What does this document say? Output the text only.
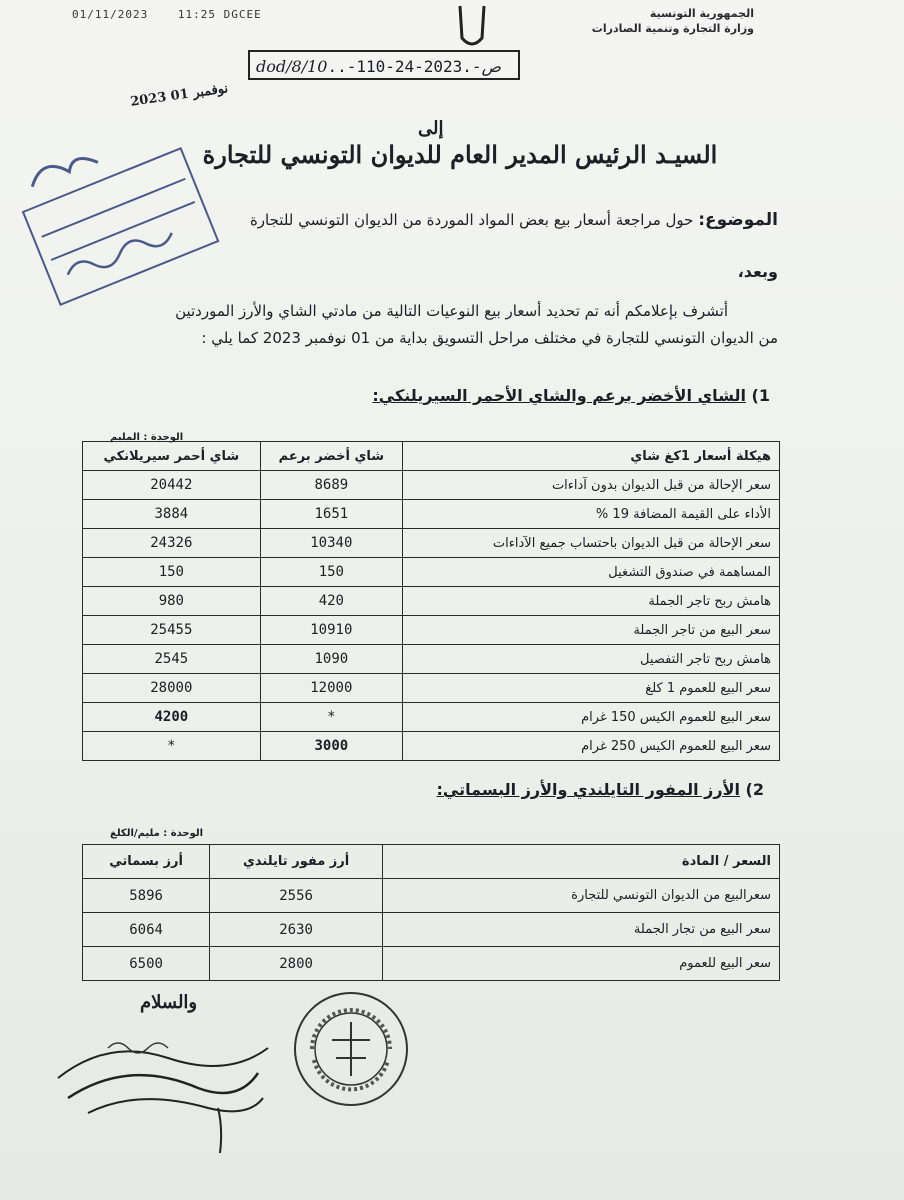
01/11/2023	11:25 DGCEE	الجمهورية التونسية
وزارة التجارة وتنمية الصادرات
dod/8/10..-110-24-2023.-ص
2023 نوفمبر 01
إلى
السيـد الرئيس المدير العام للديوان التونسي للتجارة
الموضوع: حول مراجعة أسعار بيع بعض المواد الموردة من الديوان التونسي للتجارة
وبعد،
أتشرف بإعلامكم أنه تم تحديد أسعار بيع النوعيات التالية من مادتي الشاي والأرز الموردتين
من الديوان التونسي للتجارة في مختلف مراحل التسويق بداية من 01 نوفمبر 2023 كما يلي :
1) الشاي الأخضر برعم والشاي الأحمر السيريلنكي:
الوحدة : المليم
هيكلة أسعار 1كغ شاي	شاي أخضر برعم	شاي أحمر سيريلانكي
سعر الإحالة من قبل الديوان بدون آداءات	8689	20442
الأداء على القيمة المضافة 19 %	1651	3884
سعر الإحالة من قبل الديوان باحتساب جميع الآداءات	10340	24326
المساهمة في صندوق التشغيل	150	150
هامش ربح تاجر الجملة	420	980
سعر البيع من تاجر الجملة	10910	25455
هامش ربح تاجر التفصيل	1090	2545
سعر البيع للعموم 1 كلغ	12000	28000
سعر البيع للعموم الكيس 150 غرام	*	4200
سعر البيع للعموم الكيس 250 غرام	3000	*
2) الأرز المفور التايلندي والأرز البسماتي:
الوحدة : مليم/الكلغ
السعر / المادة	أرز مفور تايلندي	أرز بسماتي
سعرالبيع من الديوان التونسي للتجارة	2556	5896
سعر البيع من تجار الجملة	2630	6064
سعر البيع للعموم	2800	6500
والسلام
